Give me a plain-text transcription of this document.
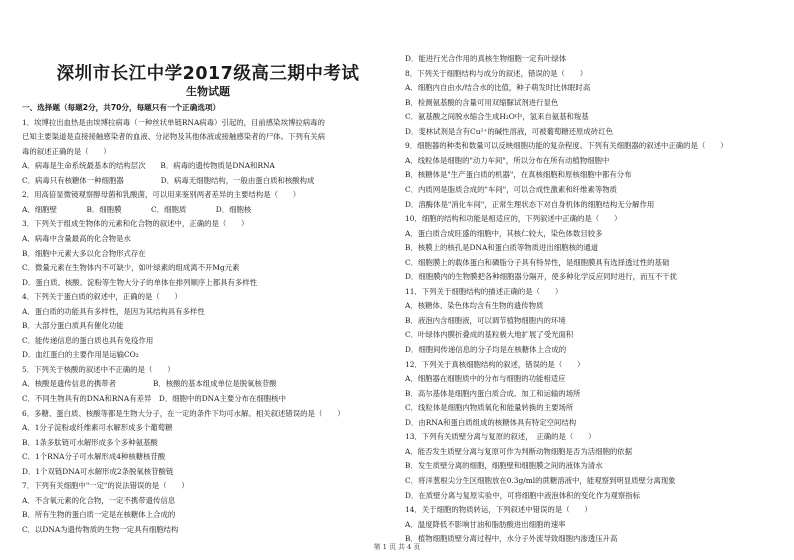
深圳市长江中学2017级高三期中考试
生物试题
一、选择题（每题2分，共70分，每题只有一个正确选项）
1．埃博拉出血热是由埃博拉病毒（一种丝状单链RNA病毒）引起的，目前感染埃博拉病毒的
已知主要渠道是直接接触感染者的血液、分泌物及其他体液或接触感染者的尸体。下列有关病
毒的叙述正确的是（　　）
A．病毒是生命系统最基本的结构层次　　B．病毒的遗传物质是DNA和RNA
C．病毒只有核糖体一种细胞器　　　　　D．病毒无细胞结构，一般由蛋白质和核酸构成
2．用高倍显微镜观察醇母菌和乳酸菌，可以用来鉴别两者差异的主要结构是（　　）
A．细胞壁　　　　B．细胞膜　　　　C．细胞质　　　　D．细胞核
3．下列关于组成生物体的元素和化合物的叙述中，正确的是（　　）
A．病毒中含量最高的化合物是水
B．细胞中元素大多以化合物形式存在
C．微量元素在生物体内不可缺少，如叶绿素的组成离不开Mg元素
D．蛋白质、核酸、淀粉等生物大分子的单体在排列顺序上都具有多样性
4．下列关于蛋白质的叙述中，正确的是（　　）
A．蛋白质的功能具有多样性，是因为其结构具有多样性
B．大部分蛋白质具有催化功能
C．能传递信息的蛋白质也具有免疫作用
D．血红蛋白的主要作用是运输CO₂
5．下列关于核酸的叙述中不正确的是（　　）
A．核酸是遗传信息的携带者　　　　　B．核酸的基本组成单位是脱氧核苷酸
C．不同生物具有的DNA和RNA有差异　D．细胞中的DNA主要分布在细胞核中
6．多糖、蛋白质、核酸等都是生物大分子，在一定的条件下均可水解。相关叙述错误的是（　　）
A．1分子淀粉或纤维素可水解形成多个葡萄糖
B．1条多肽链可水解形成多个多种氨基酸
C．1个RNA分子可水解形成4种核糖核苷酸
D．1个双链DNA可水解形成2条脱氧核苷酸链
7．下列有关细胞中"一定"的说法错误的是（　　）
A．不含氧元素的化合物，一定不携带遗传信息
B．所有生物的蛋白质一定是在核糖体上合成的
C．以DNA为遗传物质的生物一定具有细胞结构
D．能进行光合作用的真核生物细胞一定有叶绿体
8．下列关于细胞结构与成分的叙述，错误的是（　　）
A．细胞内自由水/结合水的比值，种子萌发时比休眠时高
B．检测氨基酸的含量可用双缩脲试剂进行显色
C．氨基酸之间脱水缩合生成H₂O中，氢来自氨基和羧基
D．斐林试剂是含有Cu²⁺的碱性溶液，可被葡萄糖还原成砖红色
9．细胞器的种类和数量可以反映细胞功能的复杂程度。下列有关细胞器的叙述中正确的是（　　）
A．线粒体是细胞的"动力车间"，所以分布在所有动植物细胞中
B．核糖体是"生产蛋白质的机器"，在真核细胞和原核细胞中都有分布
C．内质网是脂质合成的"车间"，可以合成性激素和纤维素等物质
D．溶酶体是"消化车间"，正常生理状态下对自身机体的细胞结构无分解作用
10．细胞的结构和功能是相适应的，下列叙述中正确的是（　　）
A．蛋白质合成旺盛的细胞中，其核仁较大，染色体数目较多
B．核膜上的核孔是DNA和蛋白质等物质进出细胞核的通道
C．细胞膜上的载体蛋白和磷脂分子具有特异性，是细胞膜具有选择透过性的基础
D．细胞膜内的生物膜把各种细胞器分隔开，使多种化学反应同时进行，而互不干扰
11．下列关于细胞结构的描述正确的是（　　）
A．核糖体、染色体均含有生物的遗传物质
B．液泡内含细胞液，可以调节植物细胞内的环境
C．叶绿体内膜折叠成的基粒极大地扩展了受光面积
D．细胞间传递信息的分子均是在核糖体上合成的
12．下列关于真核细胞结构的叙述，错误的是（　　）
A．细胞器在细胞质中的分布与细胞的功能相适应
B．高尔基体是细胞内蛋白质合成、加工和运输的场所
C．线粒体是细胞内物质氧化和能量转换的主要场所
D．由RNA和蛋白质组成的核糖体具有特定空间结构
13．下列有关质壁分离与复原的叙述，　正确的是（　　）
A．能否发生质壁分离与复原可作为判断动物细胞是否为活细胞的依据
B．发生质壁分离的细胞，细胞壁和细胞膜之间的液体为清水
C．将洋葱根尖分生区细胞放在0.3g/ml的蔗糖溶液中，能观察到明显质壁分离现象
D．在质壁分离与复原实验中，可将细胞中液泡体积的变化作为观察指标
14．关于细胞的物质转运，下列叙述中错误的是（　　）
A．温度降低不影响甘油和脂肪酸进出细胞的速率
B．植物细胞质壁分离过程中，水分子外流导致细胞内渗透压升高
第 1 页 共 4 页
